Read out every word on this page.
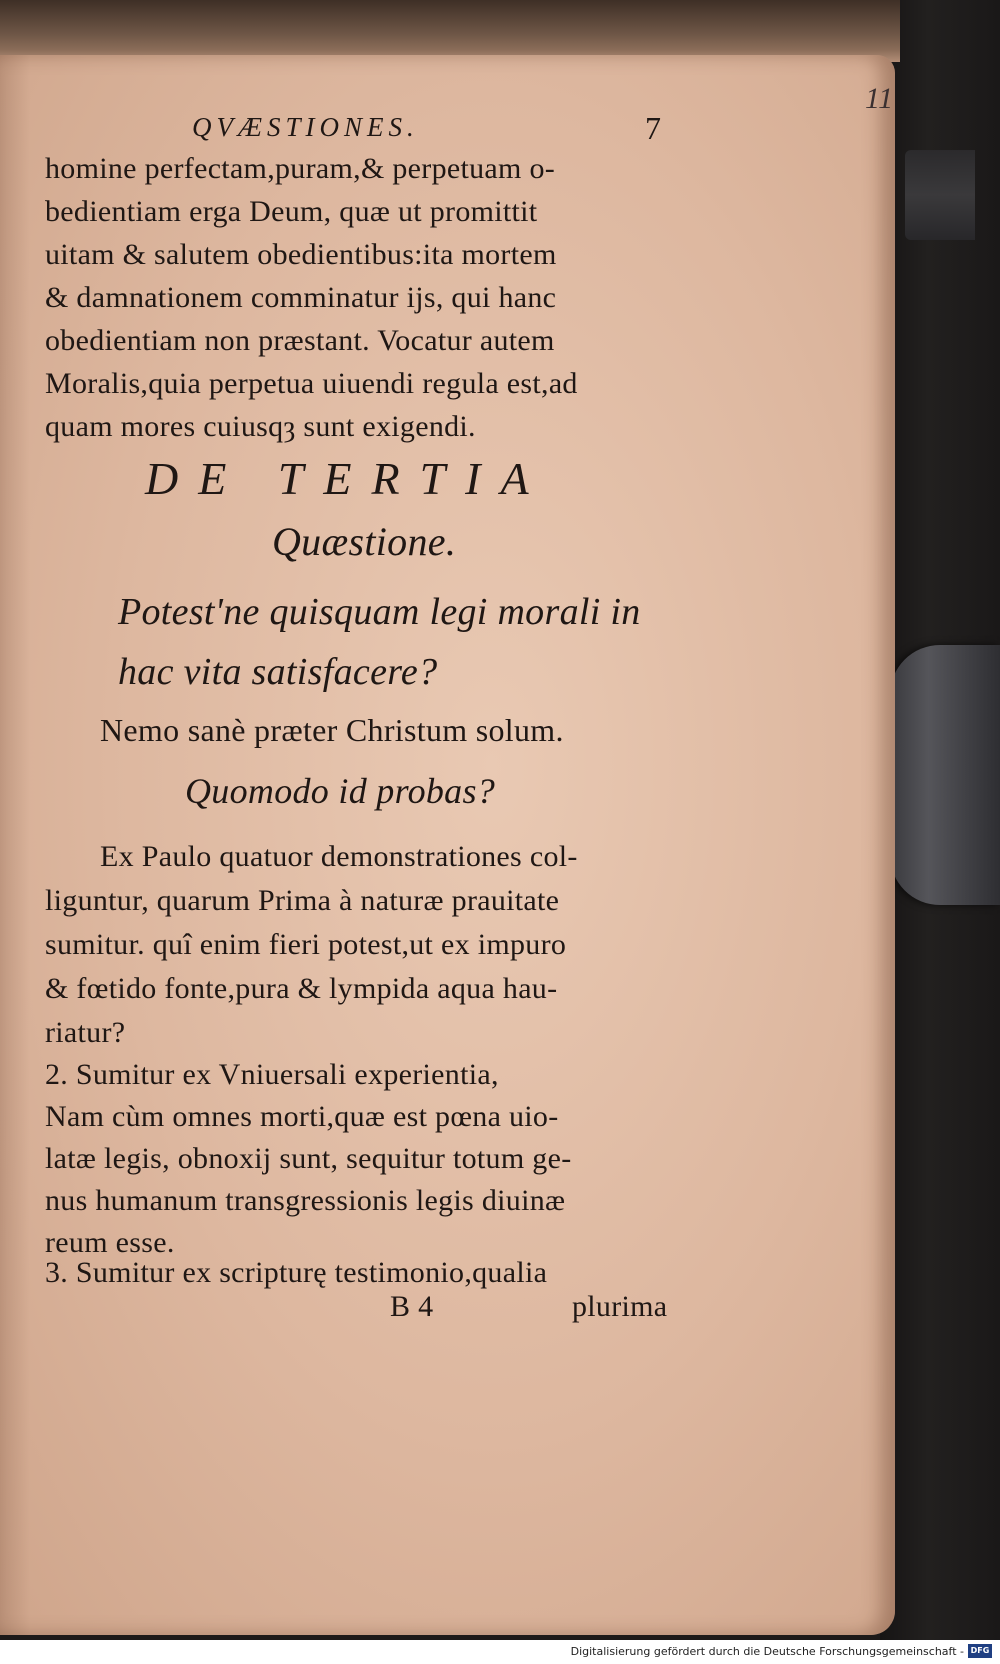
QVÆSTIONES.	7
11
homine perfectam,puram,& perpetuam o-
bedientiam erga Deum, quæ ut promittit
uitam & salutem obedientibus:ita mortem
& damnationem comminatur ijs, qui hanc
obedientiam non præstant. Vocatur autem
Moralis,quia perpetua uiuendi regula est,ad
quam mores cuiusqȝ sunt exigendi.
DE TERTIA
Quæstione.
Potest'ne quisquam legi morali in
hac vita satisfacere?
Nemo sanè præter Christum solum.
Quomodo id probas?
Ex Paulo quatuor demonstrationes col-
liguntur, quarum Prima à naturæ prauitate
sumitur. quî enim fieri potest,ut ex impuro
& fœtido fonte,pura & lympida aqua hau-
riatur?
2. Sumitur ex Vniuersali experientia,
Nam cùm omnes morti,quæ est pœna uio-
latæ legis, obnoxij sunt, sequitur totum ge-
nus humanum transgressionis legis diuinæ
reum esse.
3. Sumitur ex scripturę testimonio,qualia
B 4	plurima
Digitalisierung gefördert durch die Deutsche Forschungsgemeinschaft - DFG
